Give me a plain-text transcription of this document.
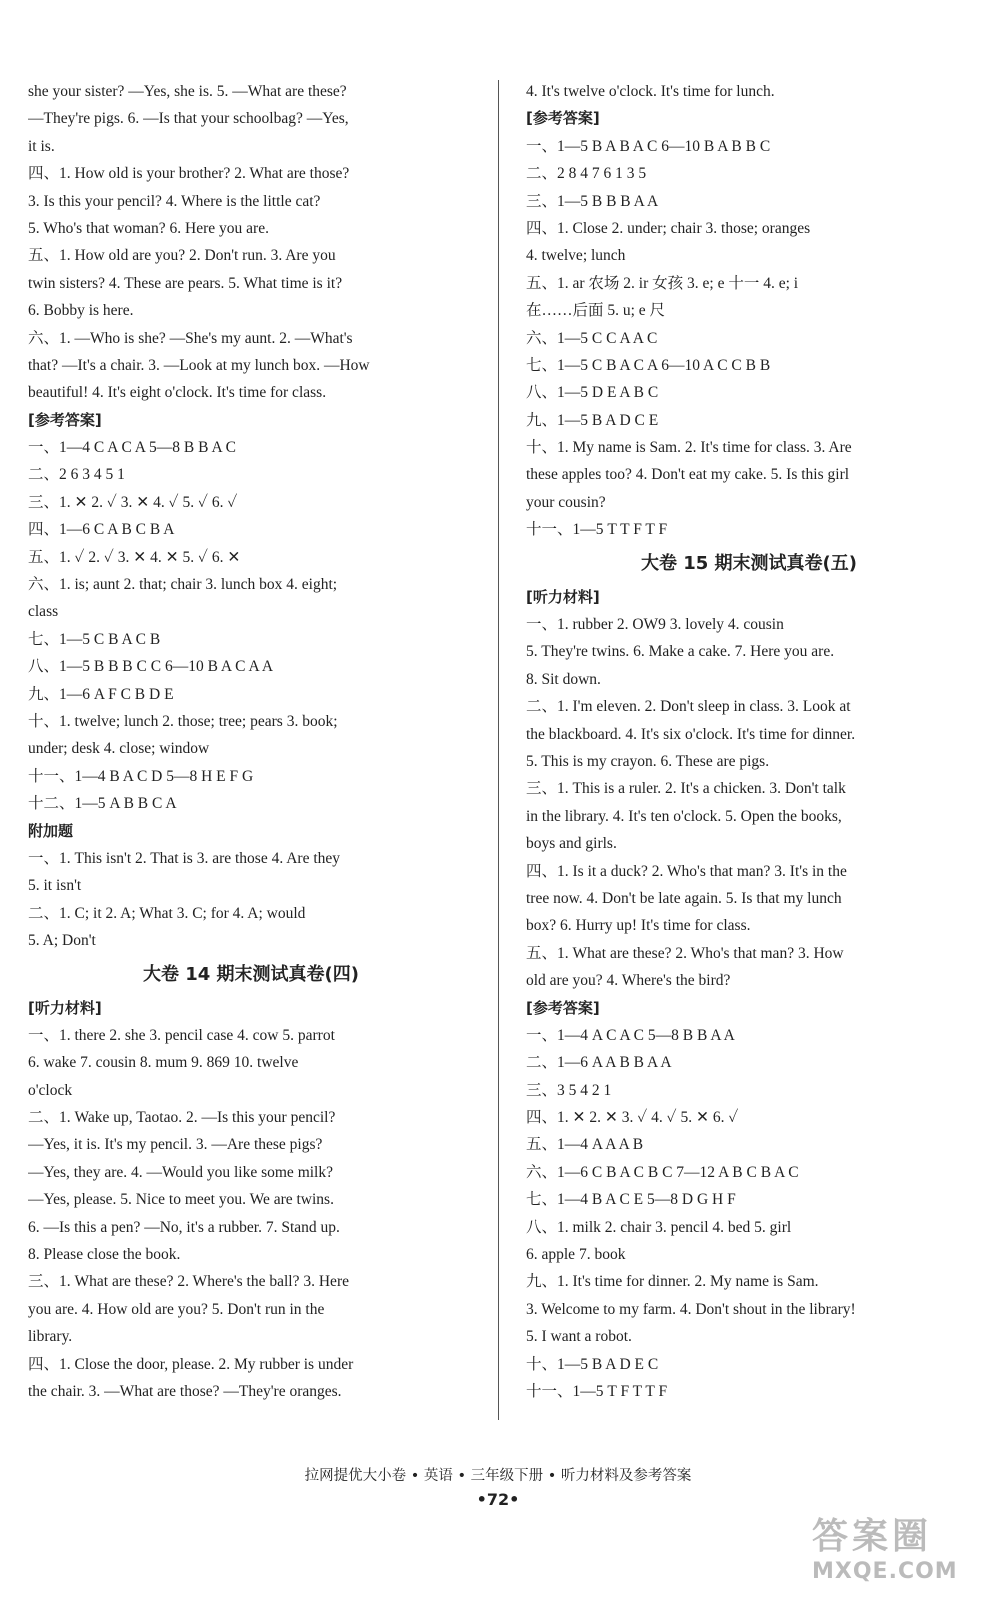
she your sister? —Yes, she is. 5. —What are these?
—They're pigs. 6. —Is that your schoolbag? —Yes,
it is.
四、1. How old is your brother? 2. What are those?
3. Is this your pencil? 4. Where is the little cat?
5. Who's that woman? 6. Here you are.
五、1. How old are you? 2. Don't run. 3. Are you
twin sisters? 4. These are pears. 5. What time is it?
6. Bobby is here.
六、1. —Who is she? —She's my aunt. 2. —What's
that? —It's a chair. 3. —Look at my lunch box. —How
beautiful! 4. It's eight o'clock. It's time for class.
[参考答案]
一、1—4 C A C A 5—8 B B A C
二、2 6 3 4 5 1
三、1. ✕ 2. ✓ 3. ✕ 4. ✓ 5. ✓ 6. ✓
四、1—6 C A B C B A
五、1. ✓ 2. ✓ 3. ✕ 4. ✕ 5. ✓ 6. ✕
六、1. is; aunt 2. that; chair 3. lunch box 4. eight;
class
七、1—5 C B A C B
八、1—5 B B B C C 6—10 B A C A A
九、1—6 A F C B D E
十、1. twelve; lunch 2. those; tree; pears 3. book;
under; desk 4. close; window
十一、1—4 B A C D 5—8 H E F G
十二、1—5 A B B C A
附加题
一、1. This isn't 2. That is 3. are those 4. Are they
5. it isn't
二、1. C; it 2. A; What 3. C; for 4. A; would
5. A; Don't
大卷 14 期末测试真卷(四)
[听力材料]
一、1. there 2. she 3. pencil case 4. cow 5. parrot
6. wake 7. cousin 8. mum 9. 869 10. twelve
o'clock
二、1. Wake up, Taotao. 2. —Is this your pencil?
—Yes, it is. It's my pencil. 3. —Are these pigs?
—Yes, they are. 4. —Would you like some milk?
—Yes, please. 5. Nice to meet you. We are twins.
6. —Is this a pen? —No, it's a rubber. 7. Stand up.
8. Please close the book.
三、1. What are these? 2. Where's the ball? 3. Here
you are. 4. How old are you? 5. Don't run in the
library.
四、1. Close the door, please. 2. My rubber is under
the chair. 3. —What are those? —They're oranges.
4. It's twelve o'clock. It's time for lunch.
[参考答案]
一、1—5 B A B A C 6—10 B A B B C
二、2 8 4 7 6 1 3 5
三、1—5 B B B A A
四、1. Close 2. under; chair 3. those; oranges
4. twelve; lunch
五、1. ar 农场 2. ir 女孩 3. e; e 十一 4. e; i
在……后面 5. u; e 尺
六、1—5 C C A A C
七、1—5 C B A C A 6—10 A C C B B
八、1—5 D E A B C
九、1—5 B A D C E
十、1. My name is Sam. 2. It's time for class. 3. Are
these apples too? 4. Don't eat my cake. 5. Is this girl
your cousin?
十一、1—5 T T F T F
大卷 15 期末测试真卷(五)
[听力材料]
一、1. rubber 2. OW9 3. lovely 4. cousin
5. They're twins. 6. Make a cake. 7. Here you are.
8. Sit down.
二、1. I'm eleven. 2. Don't sleep in class. 3. Look at
the blackboard. 4. It's six o'clock. It's time for dinner.
5. This is my crayon. 6. These are pigs.
三、1. This is a ruler. 2. It's a chicken. 3. Don't talk
in the library. 4. It's ten o'clock. 5. Open the books,
boys and girls.
四、1. Is it a duck? 2. Who's that man? 3. It's in the
tree now. 4. Don't be late again. 5. Is that my lunch
box? 6. Hurry up! It's time for class.
五、1. What are these? 2. Who's that man? 3. How
old are you? 4. Where's the bird?
[参考答案]
一、1—4 A C A C 5—8 B B A A
二、1—6 A A B B A A
三、3 5 4 2 1
四、1. ✕ 2. ✕ 3. ✓ 4. ✓ 5. ✕ 6. ✓
五、1—4 A A A B
六、1—6 C B A C B C 7—12 A B C B A C
七、1—4 B A C E 5—8 D G H F
八、1. milk 2. chair 3. pencil 4. bed 5. girl
6. apple 7. book
九、1. It's time for dinner. 2. My name is Sam.
3. Welcome to my farm. 4. Don't shout in the library!
5. I want a robot.
十、1—5 B A D E C
十一、1—5 T F T T F
拉网提优大小卷 • 英语 • 三年级下册 • 听力材料及参考答案
•72•
答案圈
MXQE.COM
